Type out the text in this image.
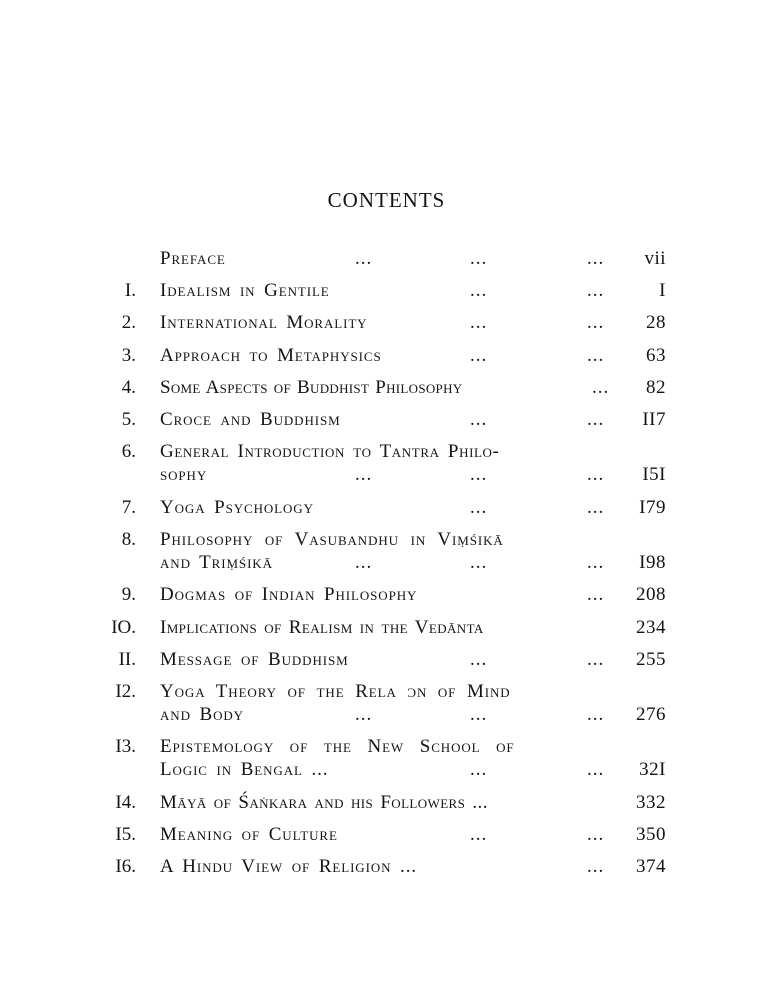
CONTENTS
Preface	...	...	... vii
I. Idealism in Gentile	...	...	I
2. International Morality	...	... 28
3. Approach to Metaphysics	...	... 63
4. Some Aspects of Buddhist Philosophy	... 82
5. Croce and Buddhism	...	... II7
6. General Introduction to Tantra Philo-
sophy	...	...	... I5I
7. Yoga Psychology	...	... I79
8. Philosophy of Vasubandhu in Viṃśikā
and Triṃśikā	...	...	... I98
9. Dogmas of Indian Philosophy	... 208
IO. Implications of Realism in the Vedānta	234
II. Message of Buddhism	...	... 255
I2. Yoga Theory of the Rela ɔn of Mind
and Body	...	...	... 276
I3. Epistemology of the New School of
Logic in Bengal ...	...	... 32I
I4. Māyā of Śaṅkara and his Followers ...	332
I5. Meaning of Culture	...	... 350
I6. A Hindu View of Religion ...	... 374
